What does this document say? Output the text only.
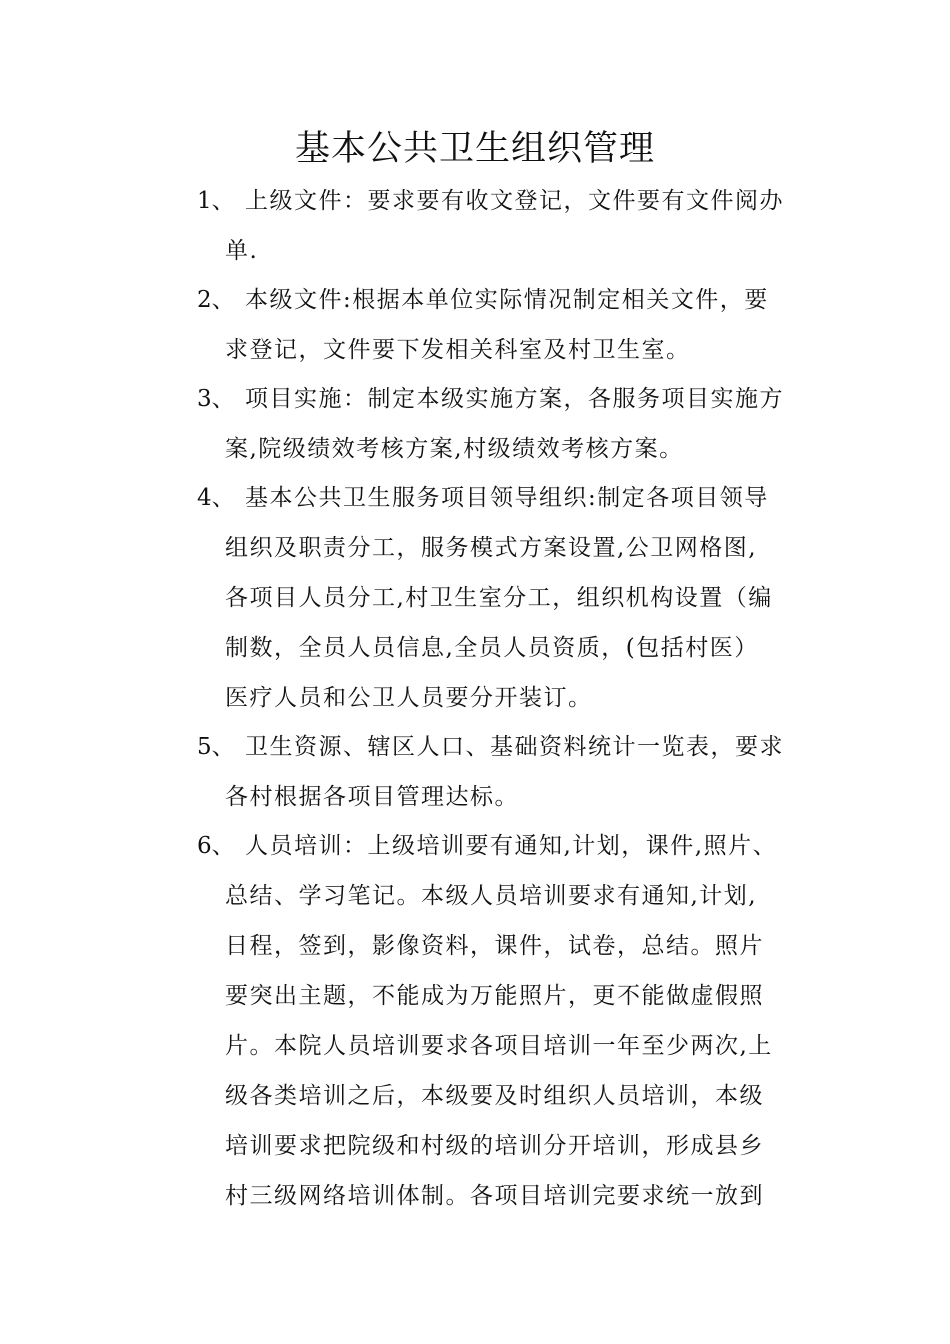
基本公共卫生组织管理
1、 上级文件：要求要有收文登记，文件要有文件阅办
单.
2、 本级文件:根据本单位实际情况制定相关文件，要
求登记，文件要下发相关科室及村卫生室。
3、 项目实施：制定本级实施方案，各服务项目实施方
案,院级绩效考核方案,村级绩效考核方案。
4、 基本公共卫生服务项目领导组织:制定各项目领导
组织及职责分工，服务模式方案设置,公卫网格图,
各项目人员分工,村卫生室分工，组织机构设置（编
制数，全员人员信息,全员人员资质，(包括村医）
医疗人员和公卫人员要分开装订。
5、 卫生资源、辖区人口、基础资料统计一览表，要求
各村根据各项目管理达标。
6、 人员培训：上级培训要有通知,计划，课件,照片、
总结、学习笔记。本级人员培训要求有通知,计划,
日程，签到，影像资料，课件，试卷，总结。照片
要突出主题，不能成为万能照片，更不能做虚假照
片。本院人员培训要求各项目培训一年至少两次,上
级各类培训之后，本级要及时组织人员培训，本级
培训要求把院级和村级的培训分开培训，形成县乡
村三级网络培训体制。各项目培训完要求统一放到
